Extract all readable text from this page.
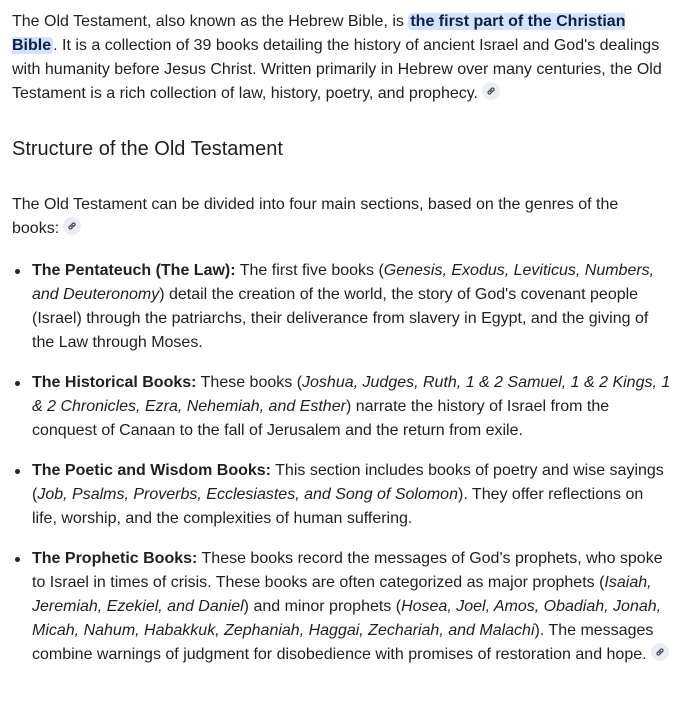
The Old Testament, also known as the Hebrew Bible, is the first part of the Christian Bible . It is a collection of 39 books detailing the history of ancient Israel and God's dealings with humanity before Jesus Christ. Written primarily in Hebrew over many centuries, the Old Testament is a rich collection of law, history, poetry, and prophecy.

Structure of the Old Testament

The Old Testament can be divided into four main sections, based on the genres of the books:

The Pentateuch (The Law): The first five books (Genesis, Exodus, Leviticus, Numbers, and Deuteronomy) detail the creation of the world, the story of God's covenant people (Israel) through the patriarchs, their deliverance from slavery in Egypt, and the giving of the Law through Moses.
The Historical Books: These books (Joshua, Judges, Ruth, 1 & 2 Samuel, 1 & 2 Kings, 1 & 2 Chronicles, Ezra, Nehemiah, and Esther) narrate the history of Israel from the conquest of Canaan to the fall of Jerusalem and the return from exile.
The Poetic and Wisdom Books: This section includes books of poetry and wise sayings (Job, Psalms, Proverbs, Ecclesiastes, and Song of Solomon). They offer reflections on life, worship, and the complexities of human suffering.
The Prophetic Books: These books record the messages of God's prophets, who spoke to Israel in times of crisis. These books are often categorized as major prophets (Isaiah, Jeremiah, Ezekiel, and Daniel) and minor prophets (Hosea, Joel, Amos, Obadiah, Jonah, Micah, Nahum, Habakkuk, Zephaniah, Haggai, Zechariah, and Malachi). The messages combine warnings of judgment for disobedience with promises of restoration and hope.
